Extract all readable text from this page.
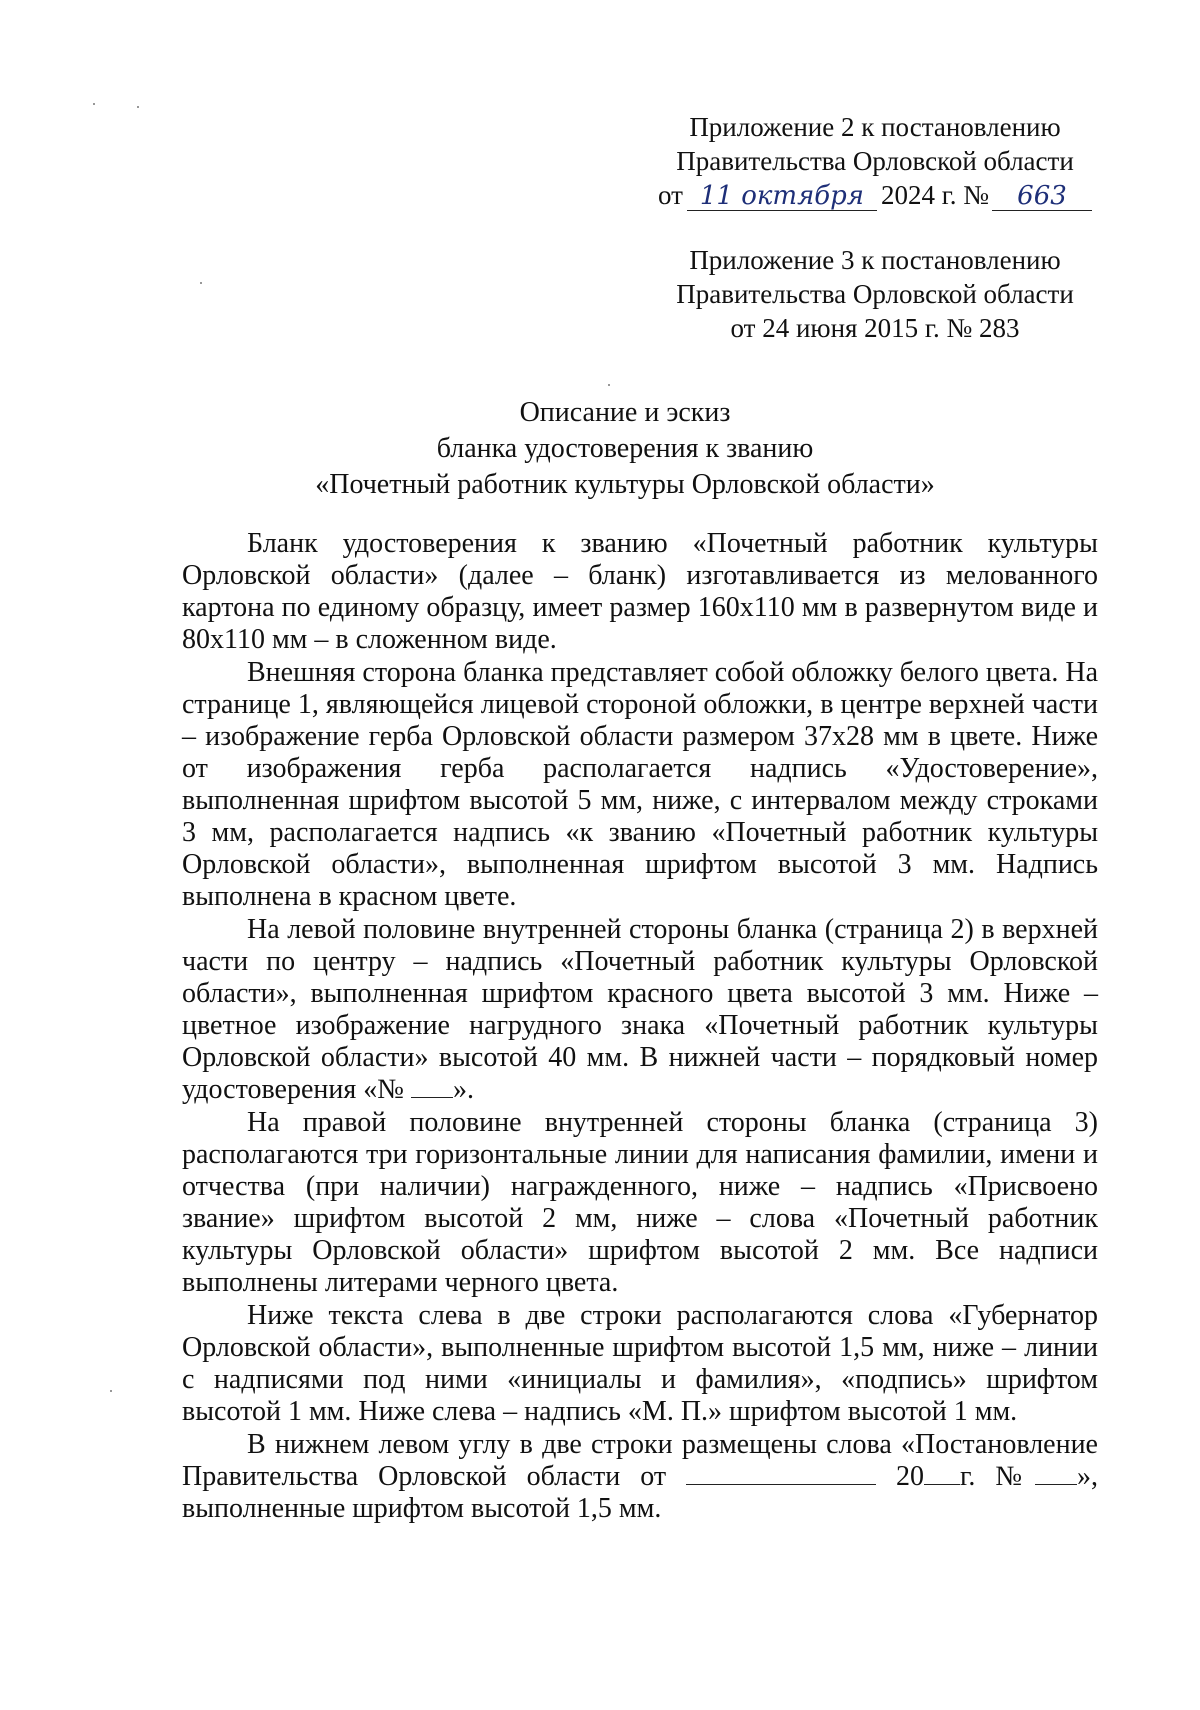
Приложение 2 к постановлению
Правительства Орловской области
от 11 октября 2024 г. № 663
Приложение 3 к постановлению
Правительства Орловской области
от 24 июня 2015 г. № 283
Описание и эскиз
бланка удостоверения к званию
«Почетный работник культуры Орловской области»

Бланк удостоверения к званию «Почетный работник культуры Орловской области» (далее – бланк) изготавливается из мелованного картона по единому образцу, имеет размер 160х110 мм в развернутом виде и 80х110 мм – в сложенном виде.

Внешняя сторона бланка представляет собой обложку белого цвета. На странице 1, являющейся лицевой стороной обложки, в центре верхней части – изображение герба Орловской области размером 37х28 мм в цвете. Ниже от изображения герба располагается надпись «Удостоверение», выполненная шрифтом высотой 5 мм, ниже, с интервалом между строками 3 мм, располагается надпись «к званию «Почетный работник культуры Орловской области», выполненная шрифтом высотой 3 мм. Надпись выполнена в красном цвете.

На левой половине внутренней стороны бланка (страница 2) в верхней части по центру – надпись «Почетный работник культуры Орловской области», выполненная шрифтом красного цвета высотой 3 мм. Ниже – цветное изображение нагрудного знака «Почетный работник культуры Орловской области» высотой 40 мм. В нижней части – порядковый номер удостоверения «№ ».

На правой половине внутренней стороны бланка (страница 3) располагаются три горизонтальные линии для написания фамилии, имени и отчества (при наличии) награжденного, ниже – надпись «Присвоено звание» шрифтом высотой 2 мм, ниже – слова «Почетный работник культуры Орловской области» шрифтом высотой 2 мм. Все надписи выполнены литерами черного цвета.

Ниже текста слева в две строки располагаются слова «Губернатор Орловской области», выполненные шрифтом высотой 1,5 мм, ниже – линии с надписями под ними «инициалы и фамилия», «подпись» шрифтом высотой 1 мм. Ниже слева – надпись «М. П.» шрифтом высотой 1 мм.

В нижнем левом углу в две строки размещены слова «Постановление Правительства Орловской области от	20 г. № », выполненные шрифтом высотой 1,5 мм.
